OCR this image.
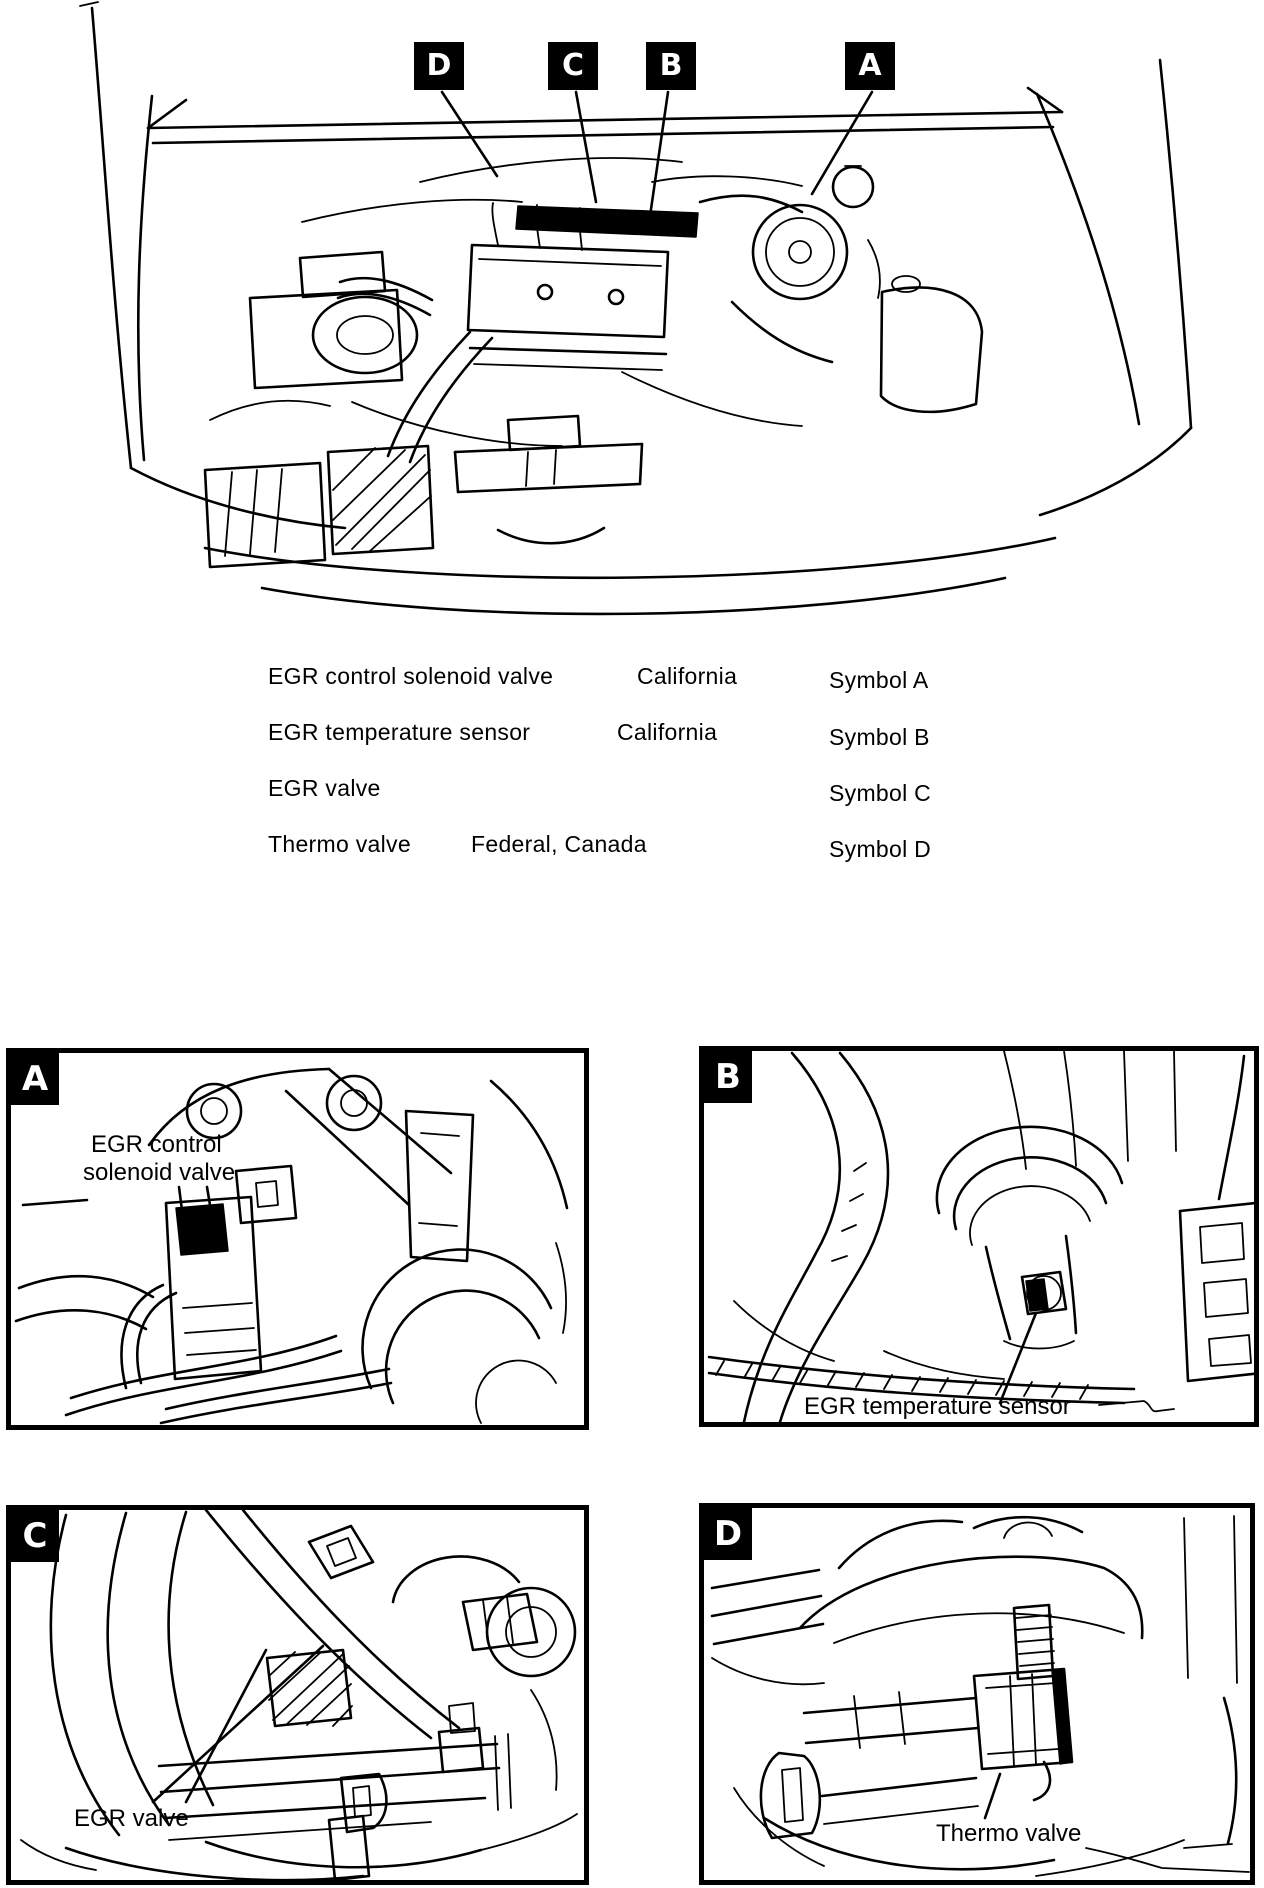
D	C	B	A
EGR control solenoid valve	California	Symbol A
EGR temperature sensor	California	Symbol B
EGR valve	Symbol C
Thermo valve	Federal, Canada	Symbol D
A
EGR control
solenoid valve
B
EGR temperature sensor
C
EGR valve
D
Thermo valve
